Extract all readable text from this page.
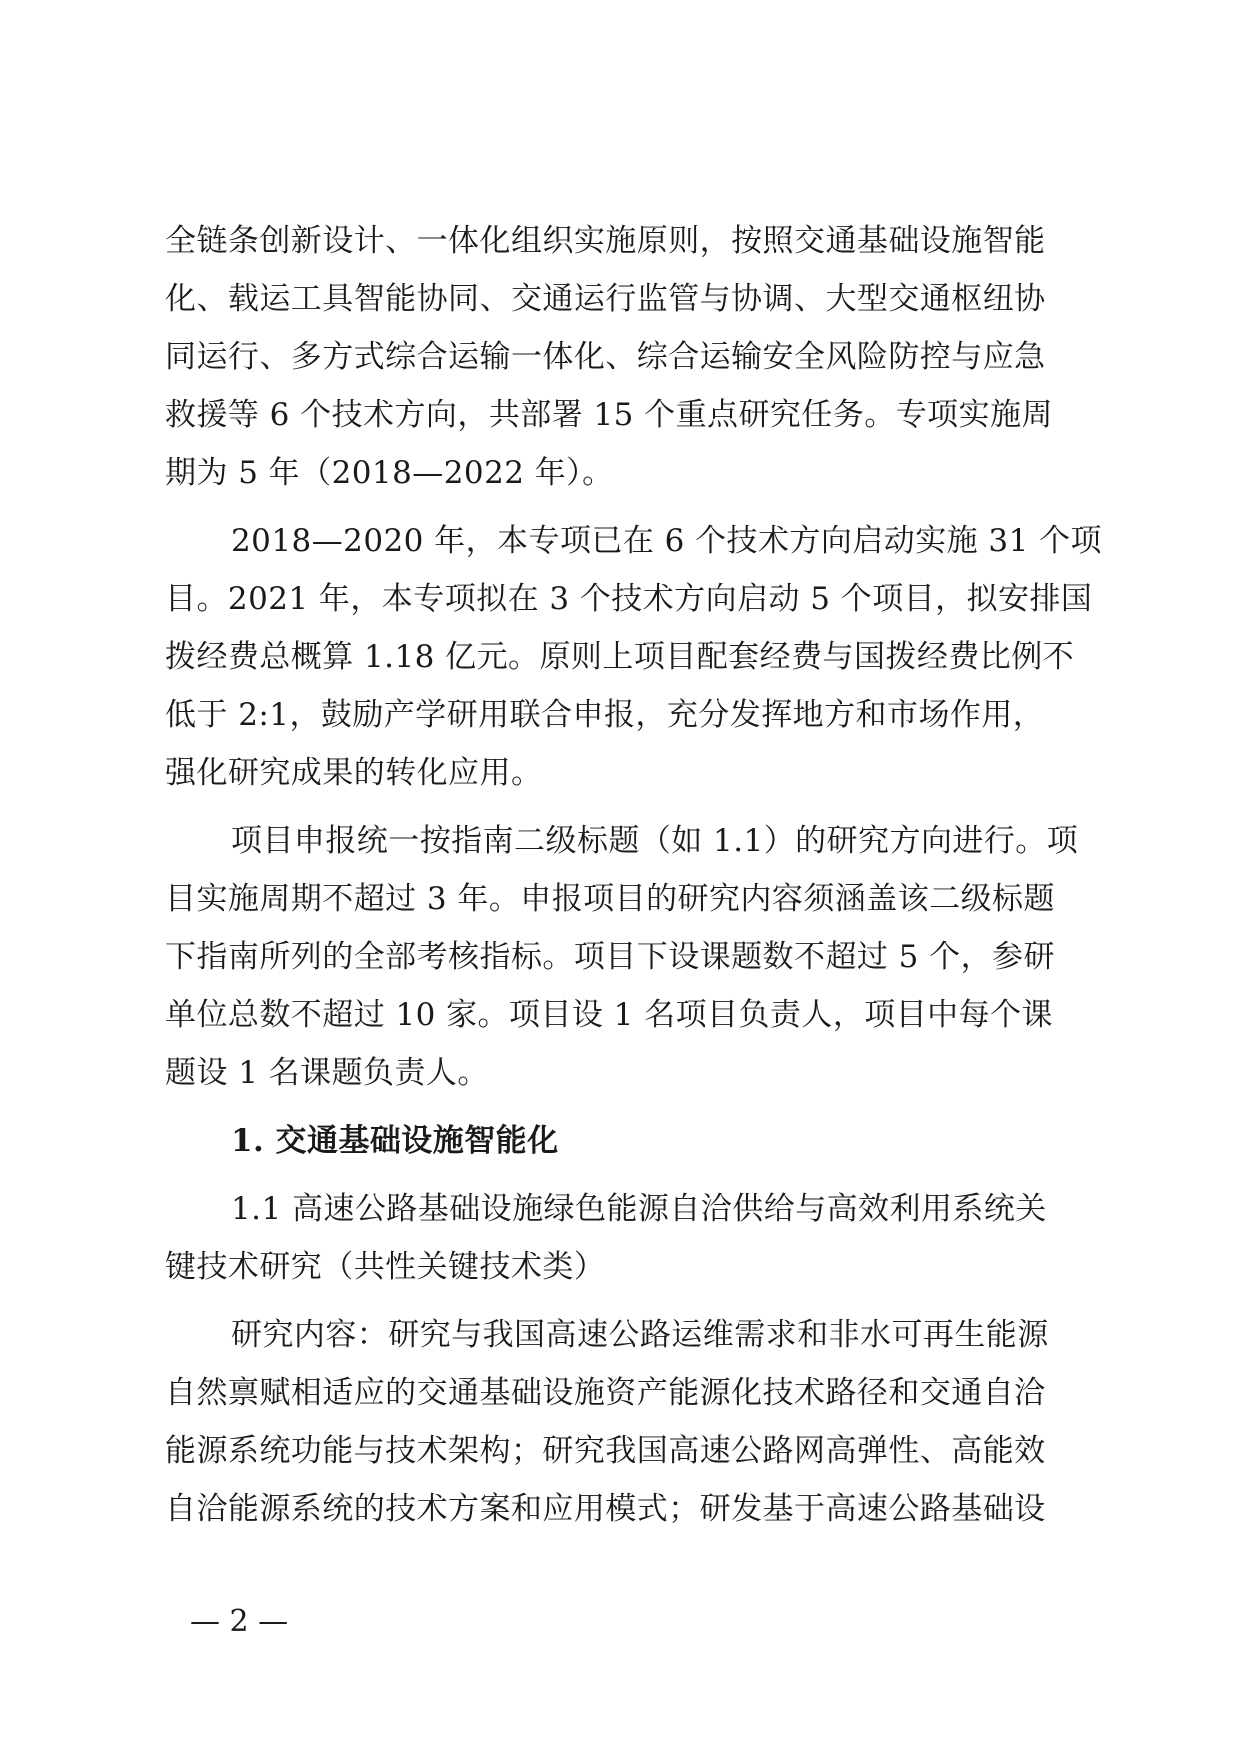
全链条创新设计、一体化组织实施原则，按照交通基础设施智能
化、载运工具智能协同、交通运行监管与协调、大型交通枢纽协
同运行、多方式综合运输一体化、综合运输安全风险防控与应急
救援等 6 个技术方向，共部署 15 个重点研究任务。专项实施周
期为 5 年（2018—2022 年）。
2018—2020 年，本专项已在 6 个技术方向启动实施 31 个项
目。2021 年，本专项拟在 3 个技术方向启动 5 个项目，拟安排国
拨经费总概算 1.18 亿元。原则上项目配套经费与国拨经费比例不
低于 2:1，鼓励产学研用联合申报，充分发挥地方和市场作用，
强化研究成果的转化应用。
项目申报统一按指南二级标题（如 1.1）的研究方向进行。项
目实施周期不超过 3 年。申报项目的研究内容须涵盖该二级标题
下指南所列的全部考核指标。项目下设课题数不超过 5 个，参研
单位总数不超过 10 家。项目设 1 名项目负责人，项目中每个课
题设 1 名课题负责人。
1. 交通基础设施智能化
1.1 高速公路基础设施绿色能源自洽供给与高效利用系统关
键技术研究（共性关键技术类）
研究内容：研究与我国高速公路运维需求和非水可再生能源
自然禀赋相适应的交通基础设施资产能源化技术路径和交通自洽
能源系统功能与技术架构；研究我国高速公路网高弹性、高能效
自洽能源系统的技术方案和应用模式；研发基于高速公路基础设
— 2 —
